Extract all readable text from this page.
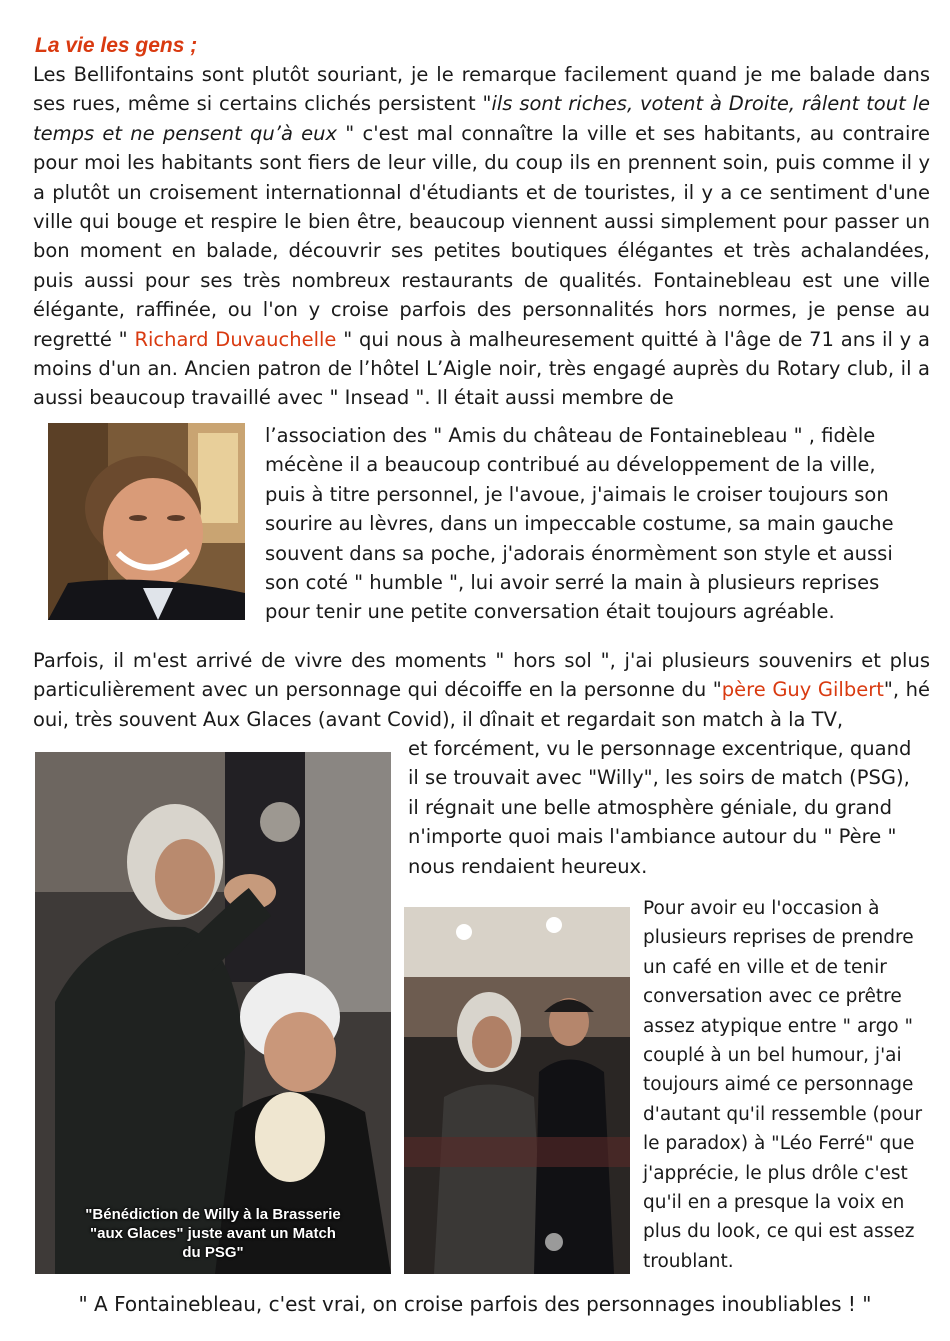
La vie les gens ;

Les Bellifontains sont plutôt souriant, je le remarque facilement quand je me balade dans ses rues, même si certains clichés persistent "ils sont riches, votent à Droite, râlent tout le temps et ne pensent qu’à eux " c'est mal connaître la ville et ses habitants, au contraire pour moi les habitants sont fiers de leur ville, du coup ils en prennent soin, puis comme il y a plutôt un croisement internationnal d'étudiants et de touristes, il y a ce sentiment d'une ville qui bouge et respire le bien être, beaucoup viennent aussi simplement pour passer un bon moment en balade, découvrir ses petites boutiques élégantes et très achalandées, puis aussi pour ses très nombreux restaurants de qualités. Fontainebleau est une ville élégante, raffinée, ou l'on y croise parfois des personnalités hors normes, je pense au regretté " Richard Duvauchelle " qui nous à malheuresement quitté à l'âge de 71 ans il y a moins d'un an. Ancien patron de l’hôtel L’Aigle noir, très engagé auprès du Rotary club, il a aussi beaucoup travaillé avec " Insead ". Il était aussi membre de

l’association des " Amis du château de Fontainebleau " , fidèle
mécène il a beaucoup contribué au développement de la ville,
puis à titre personnel, je l'avoue, j'aimais le croiser toujours son
sourire au lèvres, dans un impeccable costume, sa main gauche
souvent dans sa poche, j'adorais énormèment son style et aussi
son coté " humble ", lui avoir serré la main à plusieurs reprises
pour tenir une petite conversation était toujours agréable.

Parfois, il m'est arrivé de vivre des moments " hors sol ", j'ai plusieurs souvenirs et plus particulièrement avec un personnage qui décoiffe en la personne du "père Guy Gilbert", hé oui, très souvent Aux Glaces (avant Covid), il dînait et regardait son match à la TV,

"Bénédiction de Willy à la Brasserie
"aux Glaces" juste avant un Match
du PSG"
et forcément, vu le personnage excentrique, quand
il se trouvait avec "Willy", les soirs de match (PSG),
il régnait une belle atmosphère géniale, du grand
n'importe quoi mais l'ambiance autour du " Père "
nous rendaient heureux.
Pour avoir eu l'occasion à
plusieurs reprises de prendre
un café en ville et de tenir
conversation avec ce prêtre
assez atypique entre " argo "
couplé à un bel humour, j'ai
toujours aimé ce personnage
d'autant qu'il ressemble (pour
le paradox) à "Léo Ferré" que
j'apprécie, le plus drôle c'est
qu'il en a presque la voix en
plus du look, ce qui est assez
troublant.
" A Fontainebleau, c'est vrai, on croise parfois des personnages inoubliables ! "
